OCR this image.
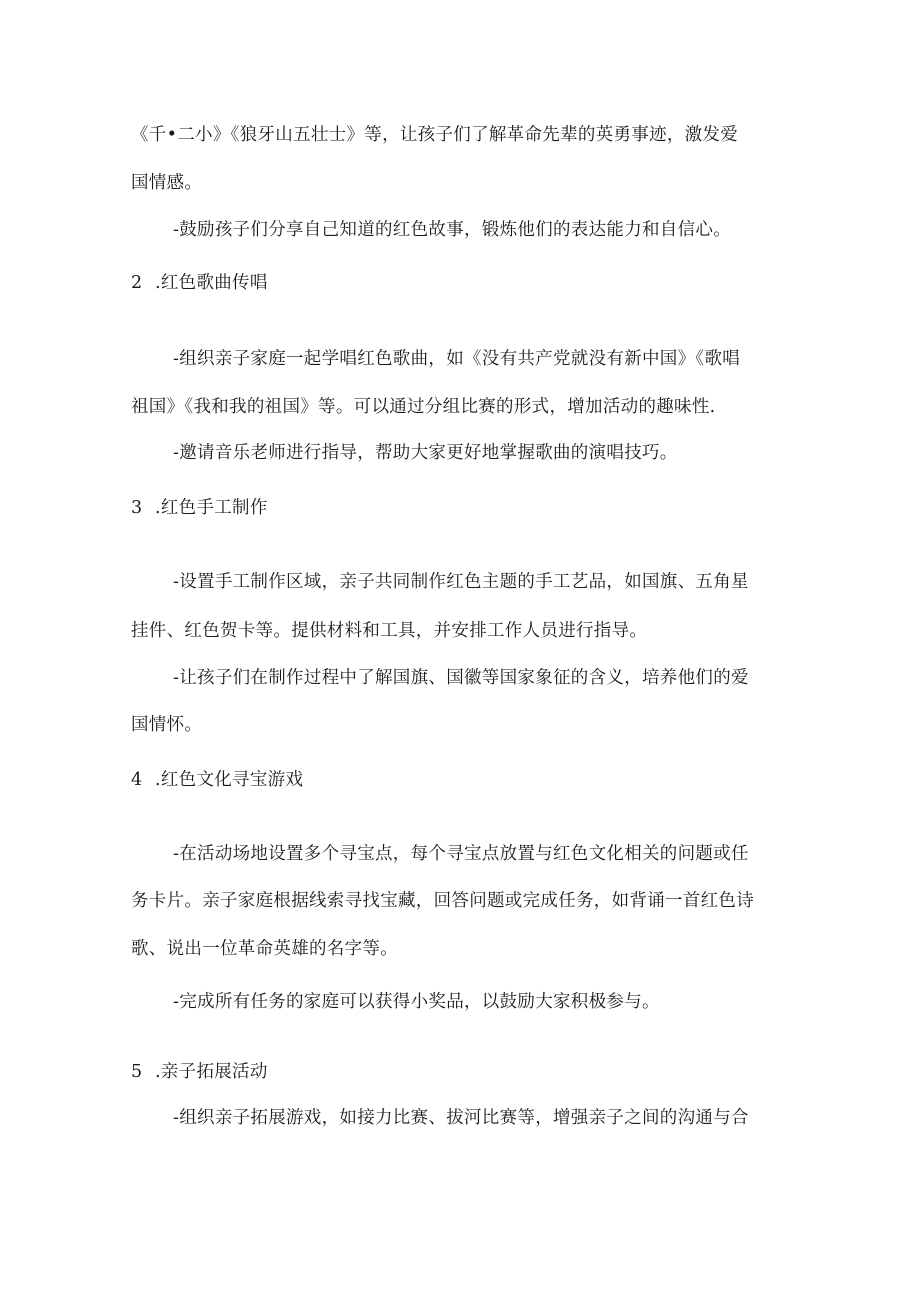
《千•二小》《狼牙山五壮士》等，让孩子们了解革命先辈的英勇事迹，激发爱
国情感。
-鼓励孩子们分享自己知道的红色故事，锻炼他们的表达能力和自信心。
2 .红色歌曲传唱
-组织亲子家庭一起学唱红色歌曲，如《没有共产党就没有新中国》《歌唱
祖国》《我和我的祖国》等。可以通过分组比赛的形式，增加活动的趣味性.
-邀请音乐老师进行指导，帮助大家更好地掌握歌曲的演唱技巧。
3 .红色手工制作
-设置手工制作区域，亲子共同制作红色主题的手工艺品，如国旗、五角星
挂件、红色贺卡等。提供材料和工具，并安排工作人员进行指导。
-让孩子们在制作过程中了解国旗、国徽等国家象征的含义，培养他们的爱
国情怀。
4 .红色文化寻宝游戏
-在活动场地设置多个寻宝点，每个寻宝点放置与红色文化相关的问题或任
务卡片。亲子家庭根据线索寻找宝藏，回答问题或完成任务，如背诵一首红色诗
歌、说出一位革命英雄的名字等。
-完成所有任务的家庭可以获得小奖品，以鼓励大家积极参与。
5 .亲子拓展活动
-组织亲子拓展游戏，如接力比赛、拔河比赛等，增强亲子之间的沟通与合
